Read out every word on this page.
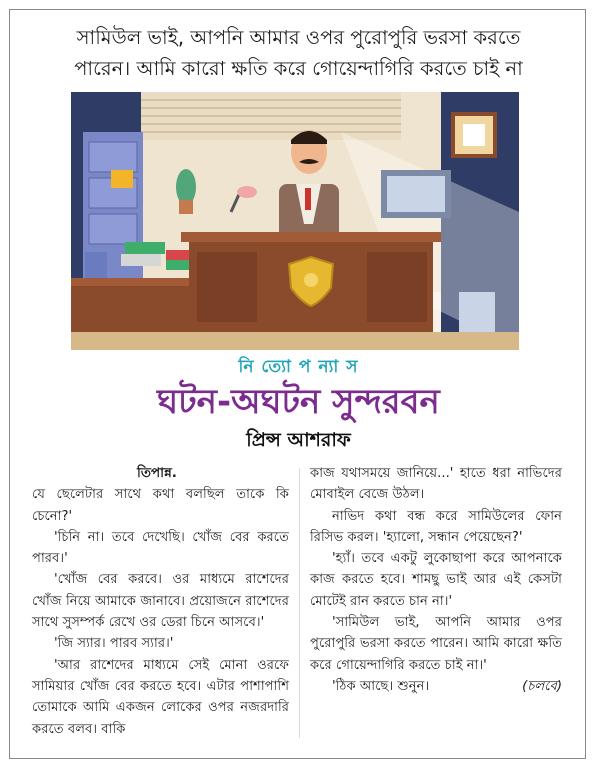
সামিউল ভাই, আপনি আমার ওপর পুরোপুরি ভরসা করতে
পারেন। আমি কারো ক্ষতি করে গোয়েন্দাগিরি করতে চাই না
নি ত্যো প ন্যা স
ঘটন-অঘটন সুন্দরবন
প্রিন্স আশরাফ

তিপান্ন.

যে ছেলেটার সাথে কথা বলছিল তাকে কি চেনো?'

'চিনি না। তবে দেখেছি। খোঁজ বের করতে পারব।'

'খোঁজ বের করবে। ওর মাধ্যমে রাশেদের খোঁজ নিয়ে আমাকে জানাবে। প্রয়োজনে রাশেদের সাথে সুসম্পর্ক রেখে ওর ডেরা চিনে আসবে।'

'জি স্যার। পারব স্যার।'

'আর রাশেদের মাধ্যমে সেই মোনা ওরফে সামিয়ার খোঁজ বের করতে হবে। এটার পাশাপাশি তোমাকে আমি একজন লোকের ওপর নজরদারি করতে বলব। বাকি

কাজ যথাসময়ে জানিয়ে...' হাতে ধরা নাভিদের মোবাইল বেজে উঠল।

নাভিদ কথা বন্ধ করে সামিউলের ফোন রিসিভ করল। 'হ্যালো, সন্ধান পেয়েছেন?'

'হ্যাঁ। তবে একটু লুকোছাপা করে আপনাকে কাজ করতে হবে। শামছু ভাই আর এই কেসটা মোটেই রান করতে চান না।'

'সামিউল ভাই, আপনি আমার ওপর পুরোপুরি ভরসা করতে পারেন। আমি কারো ক্ষতি করে গোয়েন্দাগিরি করতে চাই না।'

'ঠিক আছে। শুনুন।	(চলবে)
